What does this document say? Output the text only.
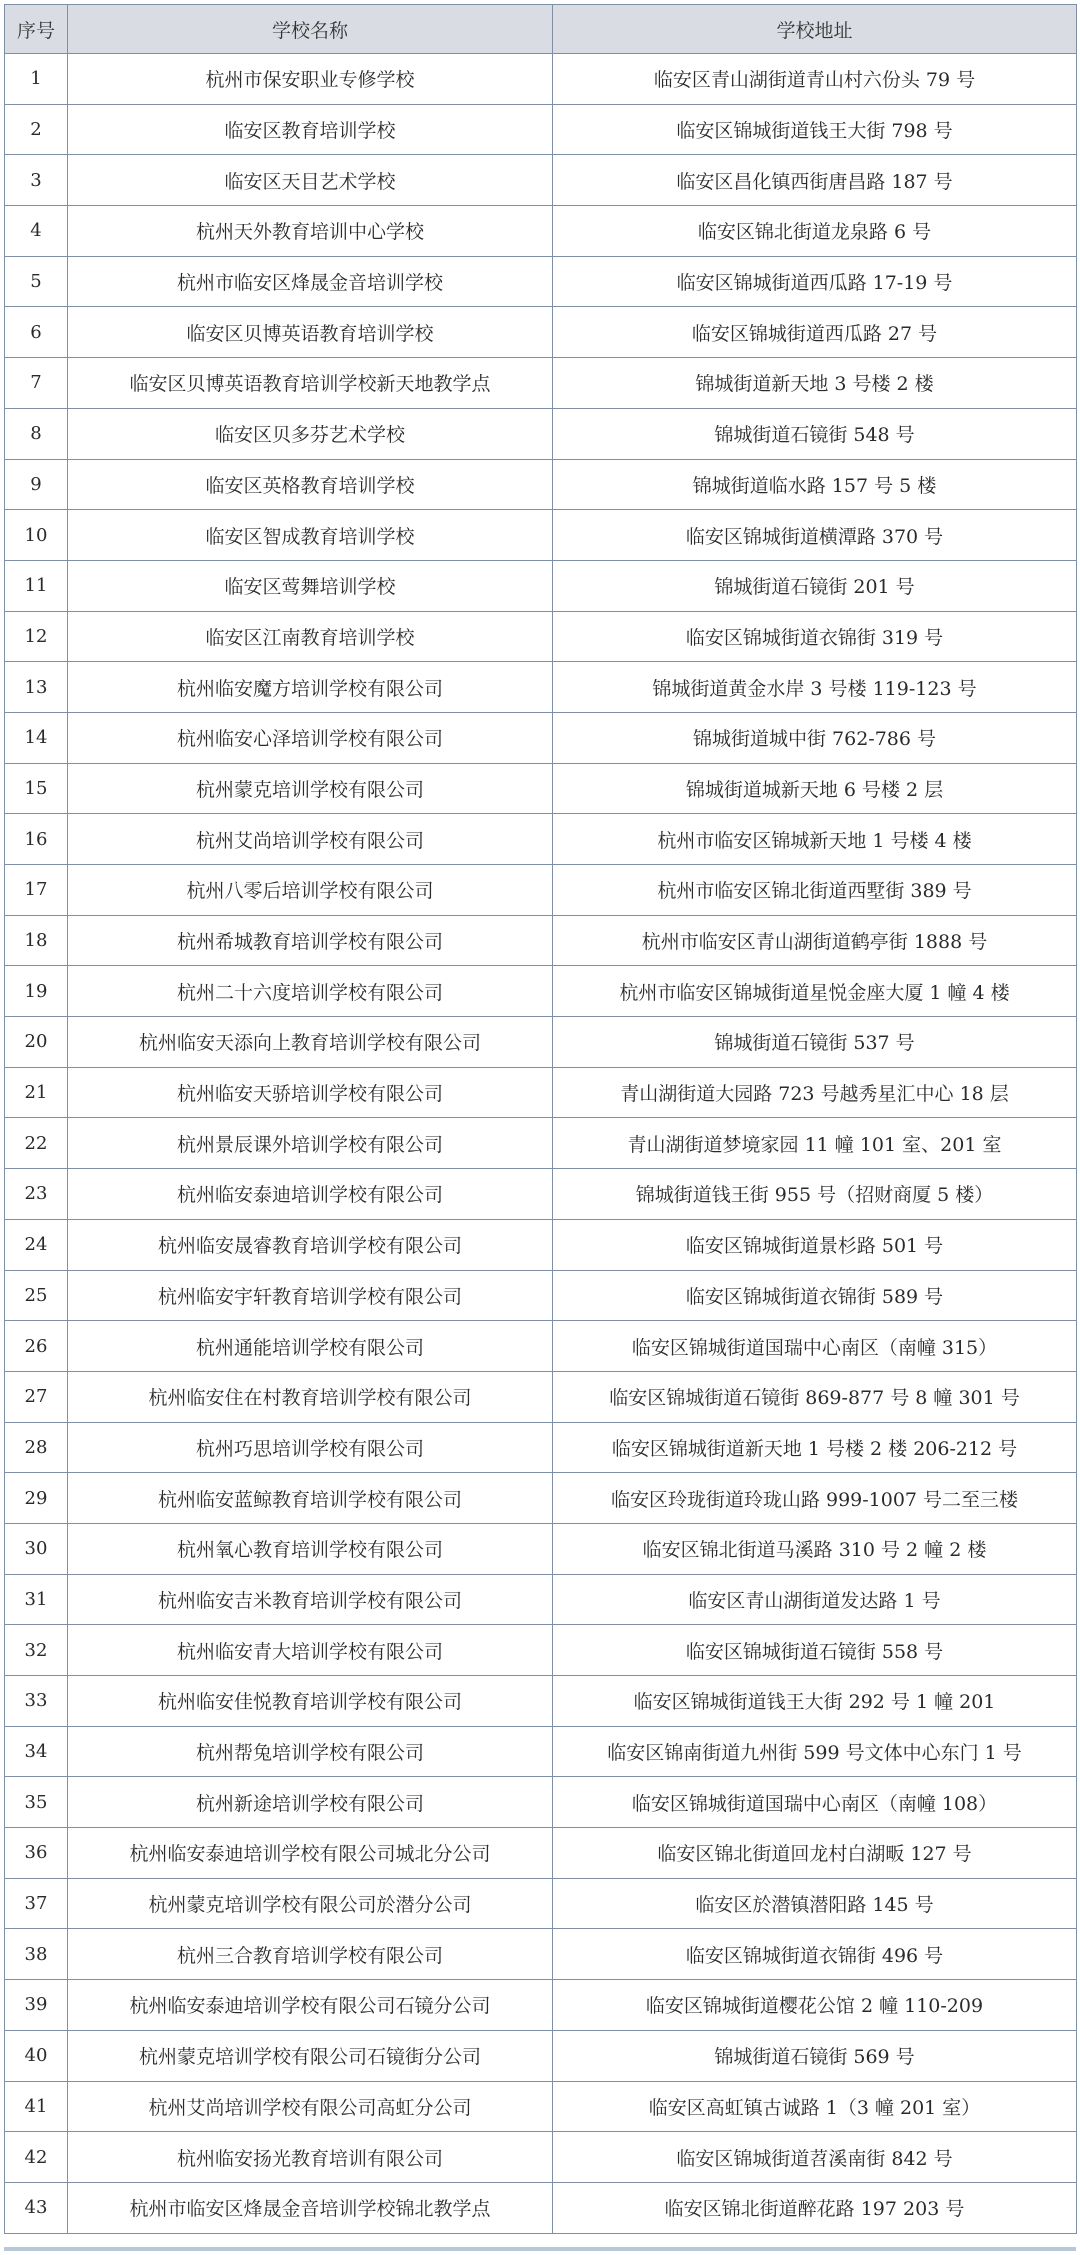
序号	学校名称	学校地址
1	杭州市保安职业专修学校	临安区青山湖街道青山村六份头 79 号
2	临安区教育培训学校	临安区锦城街道钱王大街 798 号
3	临安区天目艺术学校	临安区昌化镇西街唐昌路 187 号
4	杭州天外教育培训中心学校	临安区锦北街道龙泉路 6 号
5	杭州市临安区烽晟金音培训学校	临安区锦城街道西瓜路 17-19 号
6	临安区贝博英语教育培训学校	临安区锦城街道西瓜路 27 号
7	临安区贝博英语教育培训学校新天地教学点	锦城街道新天地 3 号楼 2 楼
8	临安区贝多芬艺术学校	锦城街道石镜街 548 号
9	临安区英格教育培训学校	锦城街道临水路 157 号 5 楼
10	临安区智成教育培训学校	临安区锦城街道横潭路 370 号
11	临安区莺舞培训学校	锦城街道石镜街 201 号
12	临安区江南教育培训学校	临安区锦城街道衣锦街 319 号
13	杭州临安魔方培训学校有限公司	锦城街道黄金水岸 3 号楼 119-123 号
14	杭州临安心泽培训学校有限公司	锦城街道城中街 762-786 号
15	杭州蒙克培训学校有限公司	锦城街道城新天地 6 号楼 2 层
16	杭州艾尚培训学校有限公司	杭州市临安区锦城新天地 1 号楼 4 楼
17	杭州八零后培训学校有限公司	杭州市临安区锦北街道西墅街 389 号
18	杭州希城教育培训学校有限公司	杭州市临安区青山湖街道鹤亭街 1888 号
19	杭州二十六度培训学校有限公司	杭州市临安区锦城街道星悦金座大厦 1 幢 4 楼
20	杭州临安天添向上教育培训学校有限公司	锦城街道石镜街 537 号
21	杭州临安天骄培训学校有限公司	青山湖街道大园路 723 号越秀星汇中心 18 层
22	杭州景辰课外培训学校有限公司	青山湖街道梦境家园 11 幢 101 室、201 室
23	杭州临安泰迪培训学校有限公司	锦城街道钱王街 955 号（招财商厦 5 楼）
24	杭州临安晟睿教育培训学校有限公司	临安区锦城街道景杉路 501 号
25	杭州临安宇轩教育培训学校有限公司	临安区锦城街道衣锦街 589 号
26	杭州通能培训学校有限公司	临安区锦城街道国瑞中心南区（南幢 315）
27	杭州临安住在村教育培训学校有限公司	临安区锦城街道石镜街 869-877 号 8 幢 301 号
28	杭州巧思培训学校有限公司	临安区锦城街道新天地 1 号楼 2 楼 206-212 号
29	杭州临安蓝鲸教育培训学校有限公司	临安区玲珑街道玲珑山路 999-1007 号二至三楼
30	杭州氧心教育培训学校有限公司	临安区锦北街道马溪路 310 号 2 幢 2 楼
31	杭州临安吉米教育培训学校有限公司	临安区青山湖街道发达路 1 号
32	杭州临安青大培训学校有限公司	临安区锦城街道石镜街 558 号
33	杭州临安佳悦教育培训学校有限公司	临安区锦城街道钱王大街 292 号 1 幢 201
34	杭州帮兔培训学校有限公司	临安区锦南街道九州街 599 号文体中心东门 1 号
35	杭州新途培训学校有限公司	临安区锦城街道国瑞中心南区（南幢 108）
36	杭州临安泰迪培训学校有限公司城北分公司	临安区锦北街道回龙村白湖畈 127 号
37	杭州蒙克培训学校有限公司於潜分公司	临安区於潜镇潜阳路 145 号
38	杭州三合教育培训学校有限公司	临安区锦城街道衣锦街 496 号
39	杭州临安泰迪培训学校有限公司石镜分公司	临安区锦城街道樱花公馆 2 幢 110-209
40	杭州蒙克培训学校有限公司石镜街分公司	锦城街道石镜街 569 号
41	杭州艾尚培训学校有限公司高虹分公司	临安区高虹镇古诚路 1（3 幢 201 室）
42	杭州临安扬光教育培训有限公司	临安区锦城街道苕溪南街 842 号
43	杭州市临安区烽晟金音培训学校锦北教学点	临安区锦北街道醉花路 197 203 号
